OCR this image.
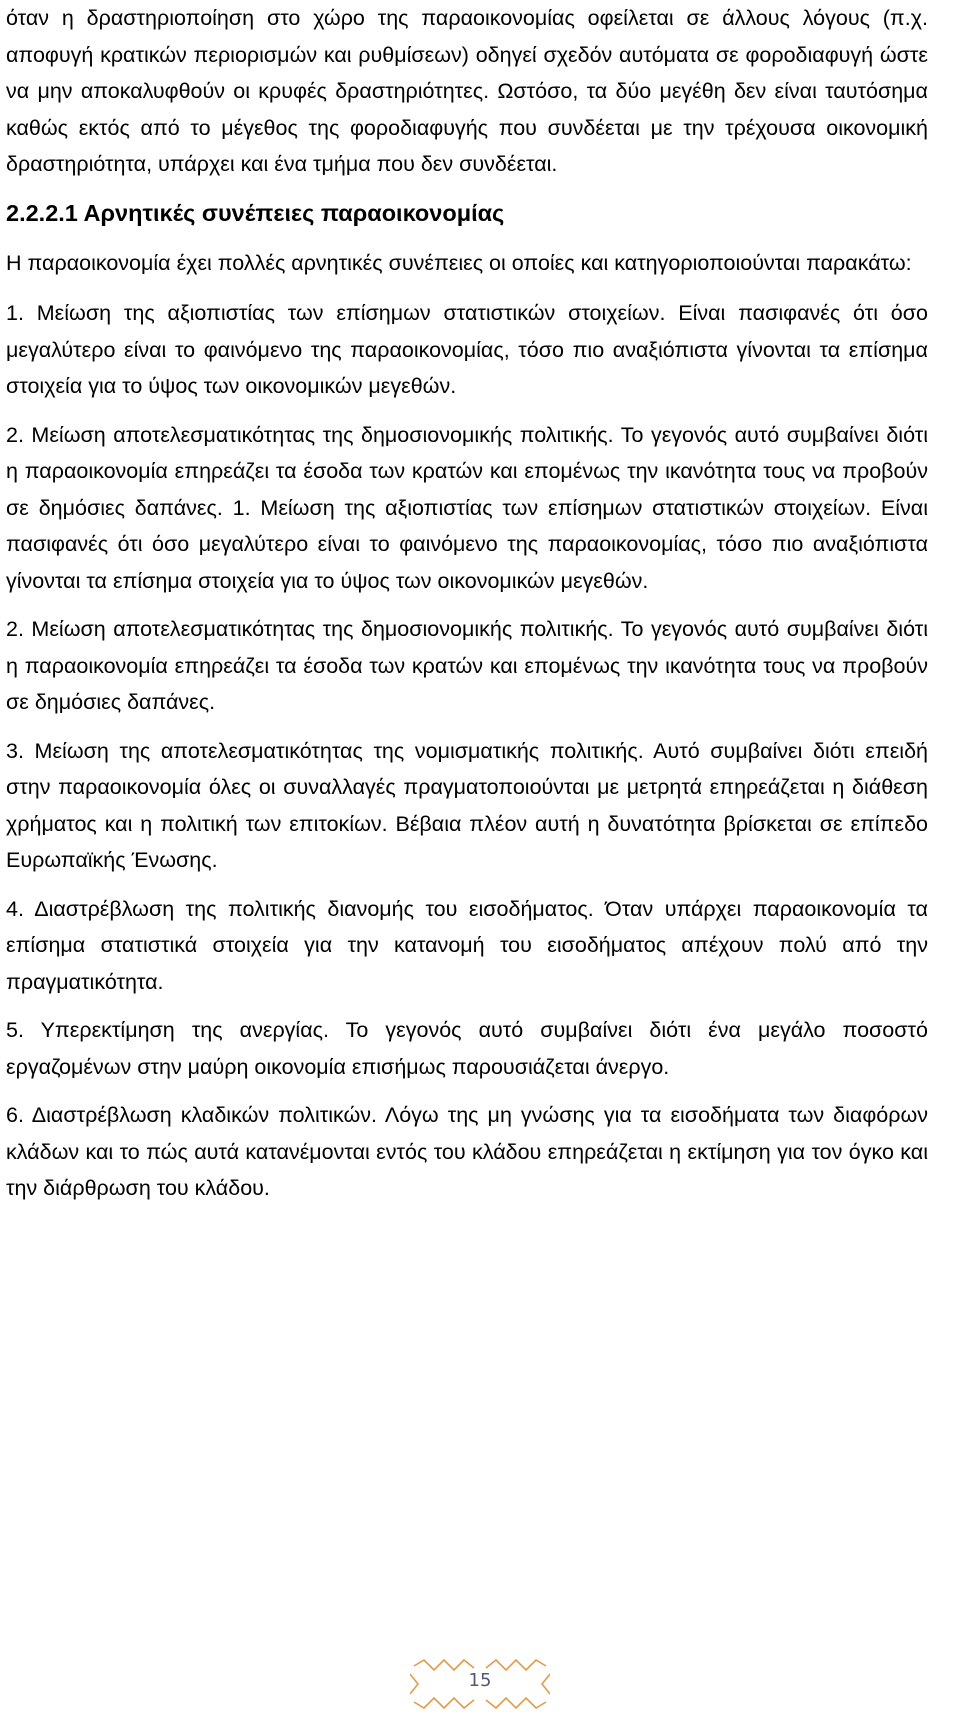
όταν η δραστηριοποίηση στο χώρο της παραοικονομίας οφείλεται σε άλλους λόγους (π.χ. αποφυγή κρατικών περιορισμών και ρυθμίσεων) οδηγεί σχεδόν αυτόματα σε φοροδιαφυγή ώστε να μην αποκαλυφθούν οι κρυφές δραστηριότητες. Ωστόσο, τα δύο μεγέθη δεν είναι ταυτόσημα καθώς εκτός από το μέγεθος της φοροδιαφυγής που συνδέεται με την τρέχουσα οικονομική δραστηριότητα, υπάρχει και ένα τμήμα που δεν συνδέεται.

2.2.2.1 Αρνητικές συνέπειες παραοικονομίας

Η παραοικονομία έχει πολλές αρνητικές συνέπειες οι οποίες και κατηγοριοποιούνται παρακάτω:

1. Μείωση της αξιοπιστίας των επίσημων στατιστικών στοιχείων. Είναι πασιφανές ότι όσο μεγαλύτερο είναι το φαινόμενο της παραοικονομίας, τόσο πιο αναξιόπιστα γίνονται τα επίσημα στοιχεία για το ύψος των οικονομικών μεγεθών.

2. Μείωση αποτελεσματικότητας της δημοσιονομικής πολιτικής. Το γεγονός αυτό συμβαίνει διότι η παραοικονομία επηρεάζει τα έσοδα των κρατών και επομένως την ικανότητα τους να προβούν σε δημόσιες δαπάνες. 1. Μείωση της αξιοπιστίας των επίσημων στατιστικών στοιχείων. Είναι πασιφανές ότι όσο μεγαλύτερο είναι το φαινόμενο της παραοικονομίας, τόσο πιο αναξιόπιστα γίνονται τα επίσημα στοιχεία για το ύψος των οικονομικών μεγεθών.

2. Μείωση αποτελεσματικότητας της δημοσιονομικής πολιτικής. Το γεγονός αυτό συμβαίνει διότι η παραοικονομία επηρεάζει τα έσοδα των κρατών και επομένως την ικανότητα τους να προβούν σε δημόσιες δαπάνες.

3. Μείωση της αποτελεσματικότητας της νομισματικής πολιτικής. Αυτό συμβαίνει διότι επειδή στην παραοικονομία όλες οι συναλλαγές πραγματοποιούνται με μετρητά επηρεάζεται η διάθεση χρήματος και η πολιτική των επιτοκίων. Βέβαια πλέον αυτή η δυνατότητα βρίσκεται σε επίπεδο Ευρωπαϊκής Ένωσης.

4. Διαστρέβλωση της πολιτικής διανομής του εισοδήματος. Όταν υπάρχει παραοικονομία τα επίσημα στατιστικά στοιχεία για την κατανομή του εισοδήματος απέχουν πολύ από την πραγματικότητα.

5. Υπερεκτίμηση της ανεργίας. Το γεγονός αυτό συμβαίνει διότι ένα μεγάλο ποσοστό εργαζομένων στην μαύρη οικονομία επισήμως παρουσιάζεται άνεργο.

6. Διαστρέβλωση κλαδικών πολιτικών. Λόγω της μη γνώσης για τα εισοδήματα των διαφόρων κλάδων και το πώς αυτά κατανέμονται εντός του κλάδου επηρεάζεται η εκτίμηση για τον όγκο και την διάρθρωση του κλάδου.

15
